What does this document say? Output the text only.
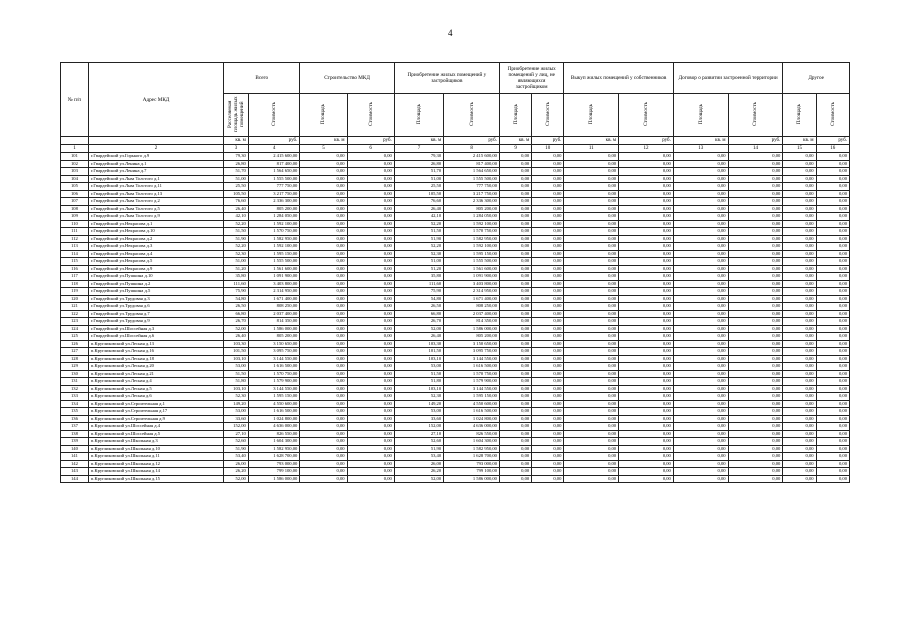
4
№ п/п	Адрес МКД	Всего		Строительство МКД		Приобретение жилых помещений у застройщиков		Приобретение жилых помещений у лиц, не являющихся застройщиком		Выкуп жилых помещений у собственников		Договор о развитии застроенной территории		Другое	
		Расселяемая площадь жилых помещений	Стоимость	Площадь	Стоимость	Площадь	Стоимость	Площадь	Стоимость	Площадь	Стоимость	Площадь	Стоимость	Площадь	Стоимость
		кв. м	руб.	кв. м	руб.	кв. м	руб.	кв. м	руб.	кв. м	руб.	кв. м	руб.	кв. м	руб.
1	2	3	4	5	6	7	8	9	10	11	12	13	14	15	16
101	г.Гвардейский ул.Горького д.9	79,30	2 415 600,00	0,00	0,00	79,30	2 415 600,00	0,00	0,00	0,00	0,00	0,00	0,00	0,00	0,00
102	г.Гвардейский ул.Ленина д.1	26,80	817 400,00	0,00	0,00	26,80	817 400,00	0,00	0,00	0,00	0,00	0,00	0,00	0,00	0,00
103	г.Гвардейский ул.Ленина д.7	51,70	1 564 650,00	0,00	0,00	51,70	1 564 650,00	0,00	0,00	0,00	0,00	0,00	0,00	0,00	0,00
104	г.Гвардейский ул.Льва Толстого д.1	51,00	1 555 500,00	0,00	0,00	51,00	1 555 500,00	0,00	0,00	0,00	0,00	0,00	0,00	0,00	0,00
105	г.Гвардейский ул.Льва Толстого д.11	25,50	777 750,00	0,00	0,00	25,50	777 750,00	0,00	0,00	0,00	0,00	0,00	0,00	0,00	0,00
106	г.Гвардейский ул.Льва Толстого д.13	105,50	3 217 750,00	0,00	0,00	105,50	3 217 750,00	0,00	0,00	0,00	0,00	0,00	0,00	0,00	0,00
107	г.Гвардейский ул.Льва Толстого д.2	76,60	2 336 300,00	0,00	0,00	76,60	2 336 300,00	0,00	0,00	0,00	0,00	0,00	0,00	0,00	0,00
108	г.Гвардейский ул.Льва Толстого д.5	26,40	805 200,00	0,00	0,00	26,40	805 200,00	0,00	0,00	0,00	0,00	0,00	0,00	0,00	0,00
109	г.Гвардейский ул.Льва Толстого д.9	42,10	1 284 050,00	0,00	0,00	42,10	1 284 050,00	0,00	0,00	0,00	0,00	0,00	0,00	0,00	0,00
110	г.Гвардейский ул.Некрасова д.1	52,20	1 592 100,00	0,00	0,00	52,20	1 592 100,00	0,00	0,00	0,00	0,00	0,00	0,00	0,00	0,00
111	г.Гвардейский ул.Некрасова д.10	51,50	1 570 750,00	0,00	0,00	51,50	1 570 750,00	0,00	0,00	0,00	0,00	0,00	0,00	0,00	0,00
112	г.Гвардейский ул.Некрасова д.2	51,90	1 582 950,00	0,00	0,00	51,90	1 582 950,00	0,00	0,00	0,00	0,00	0,00	0,00	0,00	0,00
113	г.Гвардейский ул.Некрасова д.3	52,20	1 592 100,00	0,00	0,00	52,20	1 592 100,00	0,00	0,00	0,00	0,00	0,00	0,00	0,00	0,00
114	г.Гвардейский ул.Некрасова д.4	52,30	1 595 150,00	0,00	0,00	52,30	1 595 150,00	0,00	0,00	0,00	0,00	0,00	0,00	0,00	0,00
115	г.Гвардейский ул.Некрасова д.5	51,00	1 555 500,00	0,00	0,00	51,00	1 555 500,00	0,00	0,00	0,00	0,00	0,00	0,00	0,00	0,00
116	г.Гвардейский ул.Некрасова д.9	51,20	1 561 600,00	0,00	0,00	51,20	1 561 600,00	0,00	0,00	0,00	0,00	0,00	0,00	0,00	0,00
117	г.Гвардейский ул.Пушкина д.10	35,80	1 091 900,00	0,00	0,00	35,80	1 091 900,00	0,00	0,00	0,00	0,00	0,00	0,00	0,00	0,00
118	г.Гвардейский ул.Пушкина д.2	111,60	3 403 800,00	0,00	0,00	111,60	3 403 800,00	0,00	0,00	0,00	0,00	0,00	0,00	0,00	0,00
119	г.Гвардейский ул.Пушкина д.5	75,90	2 314 950,00	0,00	0,00	75,90	2 314 950,00	0,00	0,00	0,00	0,00	0,00	0,00	0,00	0,00
120	г.Гвардейский ул.Трудовая д.3	54,80	1 671 400,00	0,00	0,00	54,80	1 671 400,00	0,00	0,00	0,00	0,00	0,00	0,00	0,00	0,00
121	г.Гвардейский ул.Трудовая д.6	26,50	808 250,00	0,00	0,00	26,50	808 250,00	0,00	0,00	0,00	0,00	0,00	0,00	0,00	0,00
122	г.Гвардейский ул.Трудовая д.7	66,80	2 037 400,00	0,00	0,00	66,80	2 037 400,00	0,00	0,00	0,00	0,00	0,00	0,00	0,00	0,00
123	г.Гвардейский ул.Трудовая д.9	26,70	814 350,00	0,00	0,00	26,70	814 350,00	0,00	0,00	0,00	0,00	0,00	0,00	0,00	0,00
124	г.Гвардейский ул.Шоссейная д.3	52,00	1 586 000,00	0,00	0,00	52,00	1 586 000,00	0,00	0,00	0,00	0,00	0,00	0,00	0,00	0,00
125	г.Гвардейский ул.Шоссейная д.6	26,40	805 200,00	0,00	0,00	26,40	805 200,00	0,00	0,00	0,00	0,00	0,00	0,00	0,00	0,00
126	п.Кругликовский ул.Лесная д.13	103,30	3 150 650,00	0,00	0,00	103,30	3 150 650,00	0,00	0,00	0,00	0,00	0,00	0,00	0,00	0,00
127	п.Кругликовский ул.Лесная д.16	101,50	3 095 750,00	0,00	0,00	101,50	3 095 750,00	0,00	0,00	0,00	0,00	0,00	0,00	0,00	0,00
128	п.Кругликовский ул.Лесная д.18	103,10	3 144 550,00	0,00	0,00	103,10	3 144 550,00	0,00	0,00	0,00	0,00	0,00	0,00	0,00	0,00
129	п.Кругликовский ул.Лесная д.20	53,00	1 616 500,00	0,00	0,00	53,00	1 616 500,00	0,00	0,00	0,00	0,00	0,00	0,00	0,00	0,00
130	п.Кругликовский ул.Лесная д.21	51,50	1 570 750,00	0,00	0,00	51,50	1 570 750,00	0,00	0,00	0,00	0,00	0,00	0,00	0,00	0,00
131	п.Кругликовский ул.Лесная д.4	51,80	1 579 900,00	0,00	0,00	51,80	1 579 900,00	0,00	0,00	0,00	0,00	0,00	0,00	0,00	0,00
132	п.Кругликовский ул.Лесная д.5	103,10	3 144 550,00	0,00	0,00	103,10	3 144 550,00	0,00	0,00	0,00	0,00	0,00	0,00	0,00	0,00
133	п.Кругликовский ул.Лесная д.6	52,30	1 595 150,00	0,00	0,00	52,30	1 595 150,00	0,00	0,00	0,00	0,00	0,00	0,00	0,00	0,00
134	п.Кругликовский ул.Строительная д.1	149,20	4 550 600,00	0,00	0,00	149,20	4 550 600,00	0,00	0,00	0,00	0,00	0,00	0,00	0,00	0,00
135	п.Кругликовский ул.Строительная д.17	53,00	1 616 500,00	0,00	0,00	53,00	1 616 500,00	0,00	0,00	0,00	0,00	0,00	0,00	0,00	0,00
136	п.Кругликовский ул.Строительная д.9	33,60	1 024 800,00	0,00	0,00	33,60	1 024 800,00	0,00	0,00	0,00	0,00	0,00	0,00	0,00	0,00
137	п.Кругликовский ул.Шоссейная д.4	152,00	4 636 000,00	0,00	0,00	152,00	4 636 000,00	0,00	0,00	0,00	0,00	0,00	0,00	0,00	0,00
138	п.Кругликовский ул.Шоссейная д.5	27,10	826 550,00	0,00	0,00	27,10	826 550,00	0,00	0,00	0,00	0,00	0,00	0,00	0,00	0,00
139	п.Кругликовский ул.Школьная д.3	52,60	1 604 300,00	0,00	0,00	52,60	1 604 300,00	0,00	0,00	0,00	0,00	0,00	0,00	0,00	0,00
140	п.Кругликовский ул.Школьная д.10	51,90	1 582 950,00	0,00	0,00	51,90	1 582 950,00	0,00	0,00	0,00	0,00	0,00	0,00	0,00	0,00
141	п.Кругликовский ул.Школьная д.11	53,40	1 628 700,00	0,00	0,00	53,40	1 628 700,00	0,00	0,00	0,00	0,00	0,00	0,00	0,00	0,00
142	п.Кругликовский ул.Школьная д.12	26,00	793 000,00	0,00	0,00	26,00	793 000,00	0,00	0,00	0,00	0,00	0,00	0,00	0,00	0,00
143	п.Кругликовский ул.Школьная д.14	26,20	799 100,00	0,00	0,00	26,20	799 100,00	0,00	0,00	0,00	0,00	0,00	0,00	0,00	0,00
144	п.Кругликовский ул.Школьная д.15	52,00	1 586 000,00	0,00	0,00	52,00	1 586 000,00	0,00	0,00	0,00	0,00	0,00	0,00	0,00	0,00
